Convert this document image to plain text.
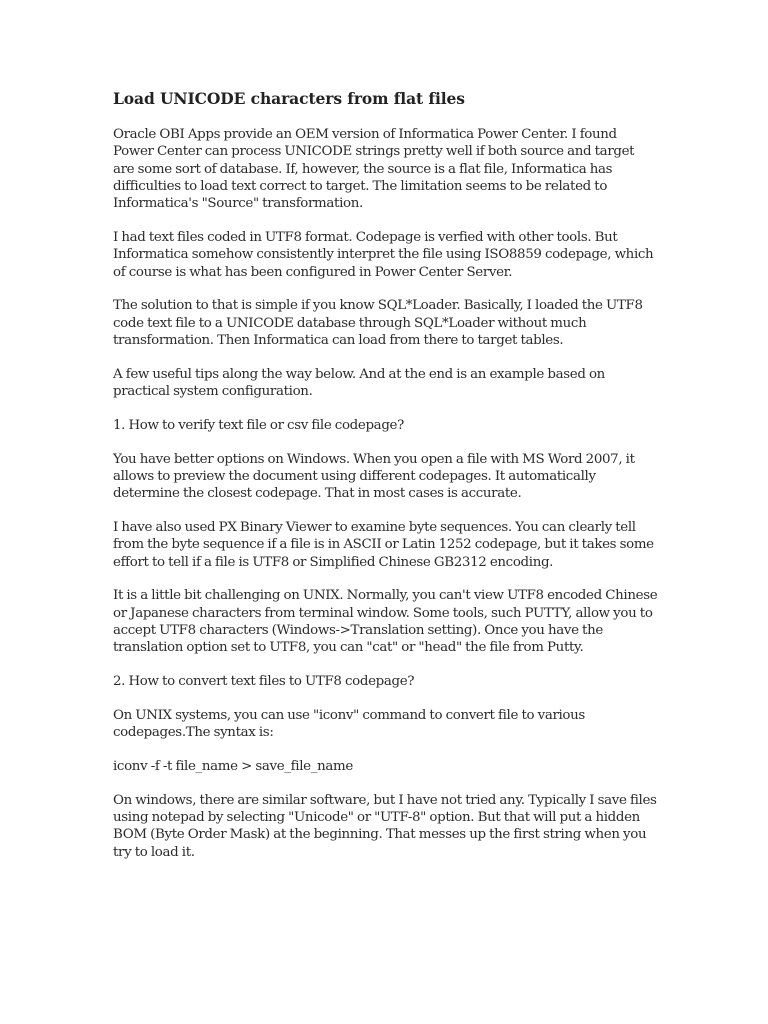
Load UNICODE characters from flat files

Oracle OBI Apps provide an OEM version of Informatica Power Center. I found Power Center can process UNICODE strings pretty well if both source and target are some sort of database. If, however, the source is a flat file, Informatica has difficulties to load text correct to target. The limitation seems to be related to Informatica's "Source" transformation.

I had text files coded in UTF8 format. Codepage is verfied with other tools. But Informatica somehow consistently interpret the file using ISO8859 codepage, which of course is what has been configured in Power Center Server.

The solution to that is simple if you know SQL*Loader. Basically, I loaded the UTF8 code text file to a UNICODE database through SQL*Loader without much transformation. Then Informatica can load from there to target tables.

A few useful tips along the way below. And at the end is an example based on practical system configuration.

1. How to verify text file or csv file codepage?

You have better options on Windows. When you open a file with MS Word 2007, it allows to preview the document using different codepages. It automatically determine the closest codepage. That in most cases is accurate.

I have also used PX Binary Viewer to examine byte sequences. You can clearly tell from the byte sequence if a file is in ASCII or Latin 1252 codepage, but it takes some effort to tell if a file is UTF8 or Simplified Chinese GB2312 encoding.

It is a little bit challenging on UNIX. Normally, you can't view UTF8 encoded Chinese or Japanese characters from terminal window. Some tools, such PUTTY, allow you to accept UTF8 characters (Windows->Translation setting). Once you have the translation option set to UTF8, you can "cat" or "head" the file from Putty.

2. How to convert text files to UTF8 codepage?

On UNIX systems, you can use "iconv" command to convert file to various codepages.The syntax is:

iconv -f -t file_name > save_file_name

On windows, there are similar software, but I have not tried any. Typically I save files using notepad by selecting "Unicode" or "UTF-8" option. But that will put a hidden BOM (Byte Order Mask) at the beginning. That messes up the first string when you try to load it.
